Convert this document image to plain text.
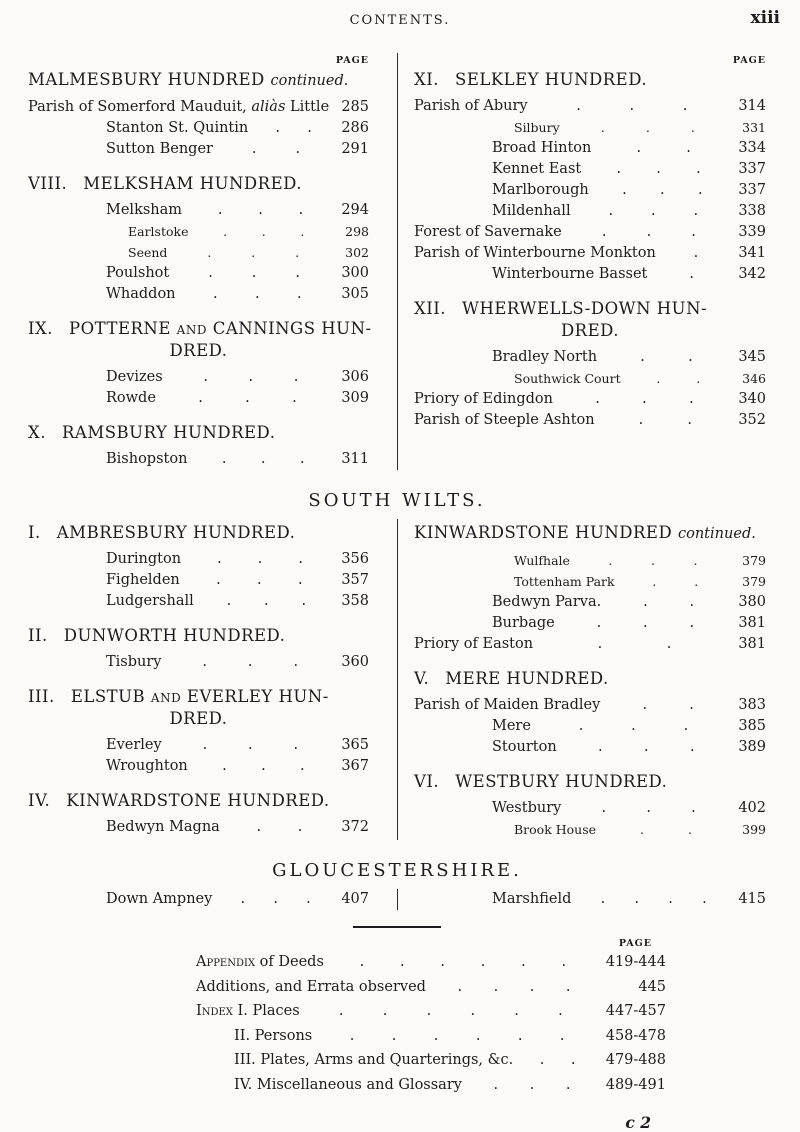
CONTENTS.	xiii
PAGE
MALMESBURY HUNDRED continued.
Parish of Somerford Mauduit, aliàs Little 285
Stanton St. Quintin . . 286
Sutton Benger	.	.	291
VIII. MELKSHAM HUNDRED.
Melksham . . .	294
Earlstoke	.	.	.	298
Seend	.	.	.	302
Poulshot	.	.	.	300
Whaddon	.	.	.	305
IX. POTTERNE and CANNINGS HUN-
DRED.
Devizes	.	.	.	306
Rowde	.	.	.	309
X. RAMSBURY HUNDRED.
Bishopston . . .	311
PAGE
XI. SELKLEY HUNDRED.
Parish of Abury	.	.	.	314
Silbury	.	.	.	331
Broad Hinton	.	.	334
Kennet East . . .	337
Marlborough . . . 337
Mildenhall	.	.	.	338
Forest of Savernake	.	.	.	339
Parish of Winterbourne Monkton	.	341
Winterbourne Basset	.	342
XII. WHERWELLS-DOWN HUN-
DRED.
Bradley North	.	.	345
Southwick Court	.	.	346
Priory of Edingdon	.	.	.	340
Parish of Steeple Ashton	.	.	352
SOUTH WILTS.
I. AMBRESBURY HUNDRED.
Durington . . .	356
Fighelden	.	.	.	357
Ludgershall . . . 358
II. DUNWORTH HUNDRED.
Tisbury	.	.	.	360
III. ELSTUB and EVERLEY HUN-
DRED.
Everley	.	.	.	365
Wroughton . . .	367
IV. KINWARDSTONE HUNDRED.
Bedwyn Magna	.	.	372
KINWARDSTONE HUNDRED continued.
Wulfhale	.	.	.	379
Tottenham Park	.	.	379
Bedwyn Parva.	.	.	380
Burbage	.	.	.	381
Priory of Easton	.	.	381
V. MERE HUNDRED.
Parish of Maiden Bradley	.	.	383
Mere	.	.	.	385
Stourton	.	.	.	389
VI. WESTBURY HUNDRED.
Westbury	.	.	.	402
Brook House	.	.	399
GLOUCESTERSHIRE.
Down Ampney . . . 407	Marshfield . . . . 415
PAGE
Appendix of Deeds . . . . . .	419-444
Additions, and Errata observed . . . .	445
Index I. Places	.	.	.	.	.	.	447-457
II. Persons	.	.	.	.	.	.	458-478
III. Plates, Arms and Quarterings, &c. . . 479-488
IV. Miscellaneous and Glossary . . . 489-491
c 2
